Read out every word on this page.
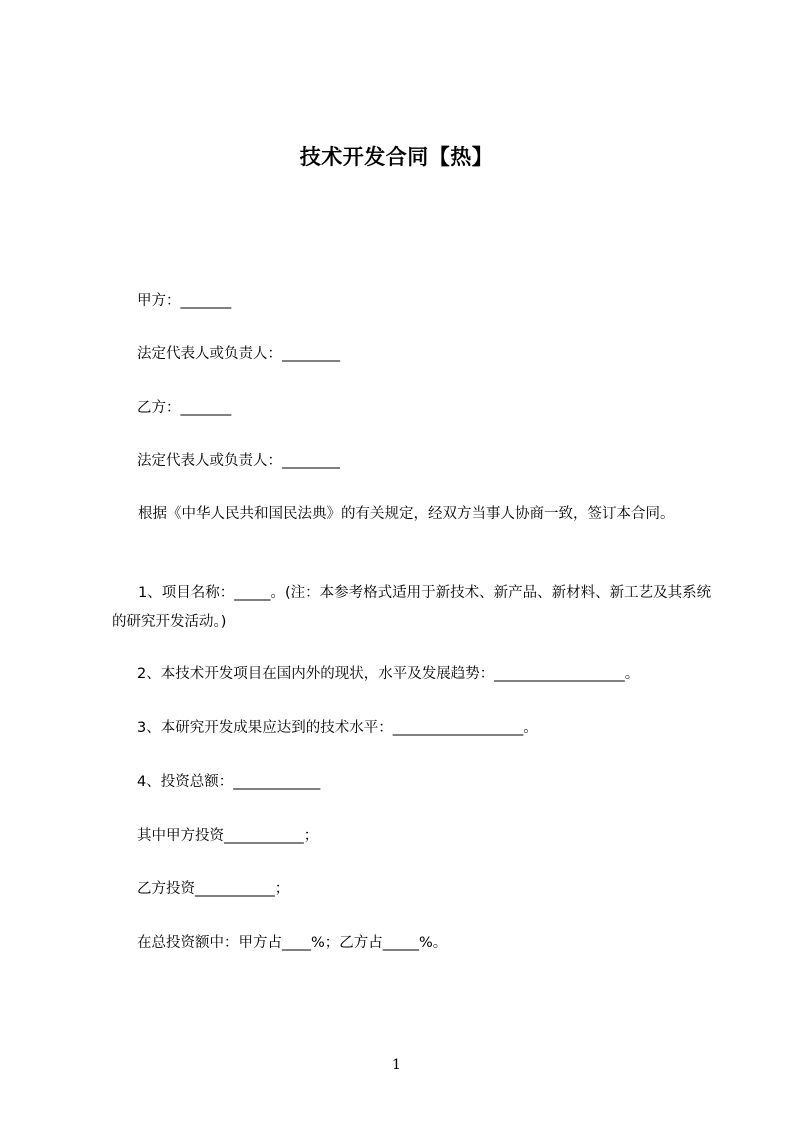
技术开发合同【热】
甲方：_______
法定代表人或负责人：________
乙方：_______
法定代表人或负责人：________
根据《中华人民共和国民法典》的有关规定，经双方当事人协商一致，签订本合同。
1、项目名称：_____。(注：本参考格式适用于新技术、新产品、新材料、新工艺及其系统的研究开发活动。)
2、本技术开发项目在国内外的现状，水平及发展趋势：__________________。
3、本研究开发成果应达到的技术水平：__________________。
4、投资总额：____________
其中甲方投资___________；
乙方投资___________；
在总投资额中：甲方占____%；乙方占_____%。
1
